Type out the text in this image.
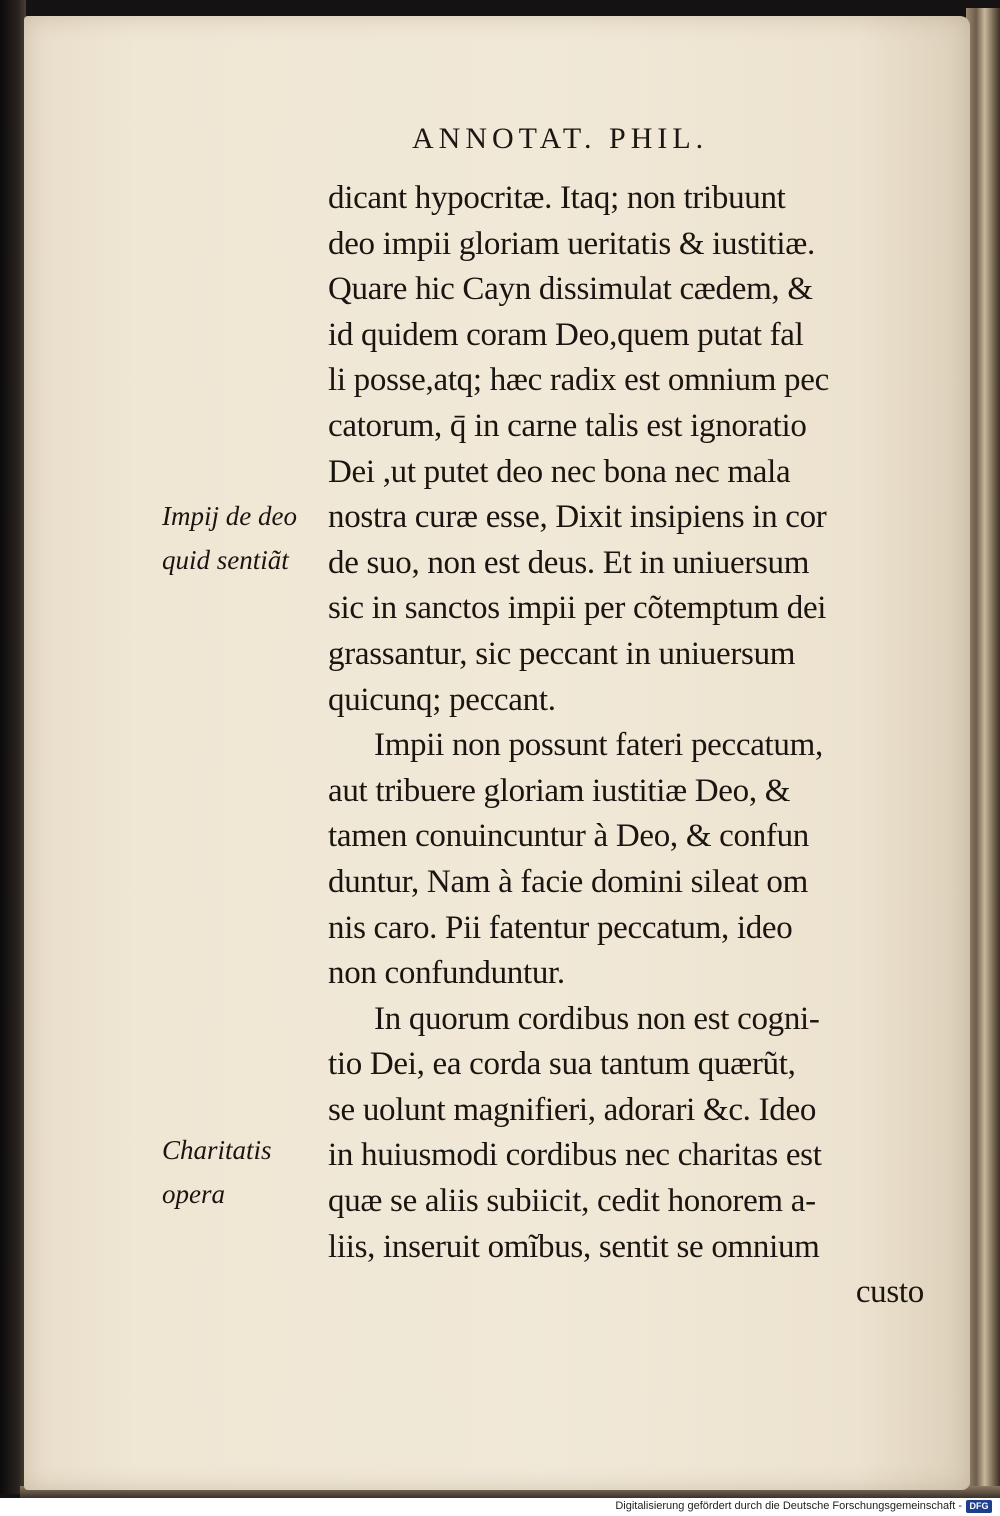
ANNOTAT. PHIL.
dicant hypocritæ. Itaq; non tribuunt
deo impii gloriam ueritatis & iustitiæ.
Quare hic Cayn dissimulat cædem, &
id quidem coram Deo,quem putat fal
li posse,atq; hæc radix est omnium pec
catorum, q̄ in carne talis est ignoratio
Dei ,ut putet deo nec bona nec mala
nostra curæ esse, Dixit insipiens in cor
de suo, non est deus. Et in uniuersum
sic in sanctos impii per cõtemptum dei
grassantur, sic peccant in uniuersum
quicunq; peccant.
Impii non possunt fateri peccatum,
aut tribuere gloriam iustitiæ Deo, &
tamen conuincuntur à Deo, & confun
duntur, Nam à facie domini sileat om
nis caro. Pii fatentur peccatum, ideo
non confunduntur.
In quorum cordibus non est cogni-
tio Dei, ea corda sua tantum quærũt,
se uolunt magnifieri, adorari &c. Ideo
in huiusmodi cordibus nec charitas est
quæ se aliis subiicit, cedit honorem a-
liis, inseruit omĩbus, sentit se omnium
custo
Impij de deo
quid sentiãt
Charitatis
opera
Digitalisierung gefördert durch die Deutsche Forschungsgemeinschaft - DFG
